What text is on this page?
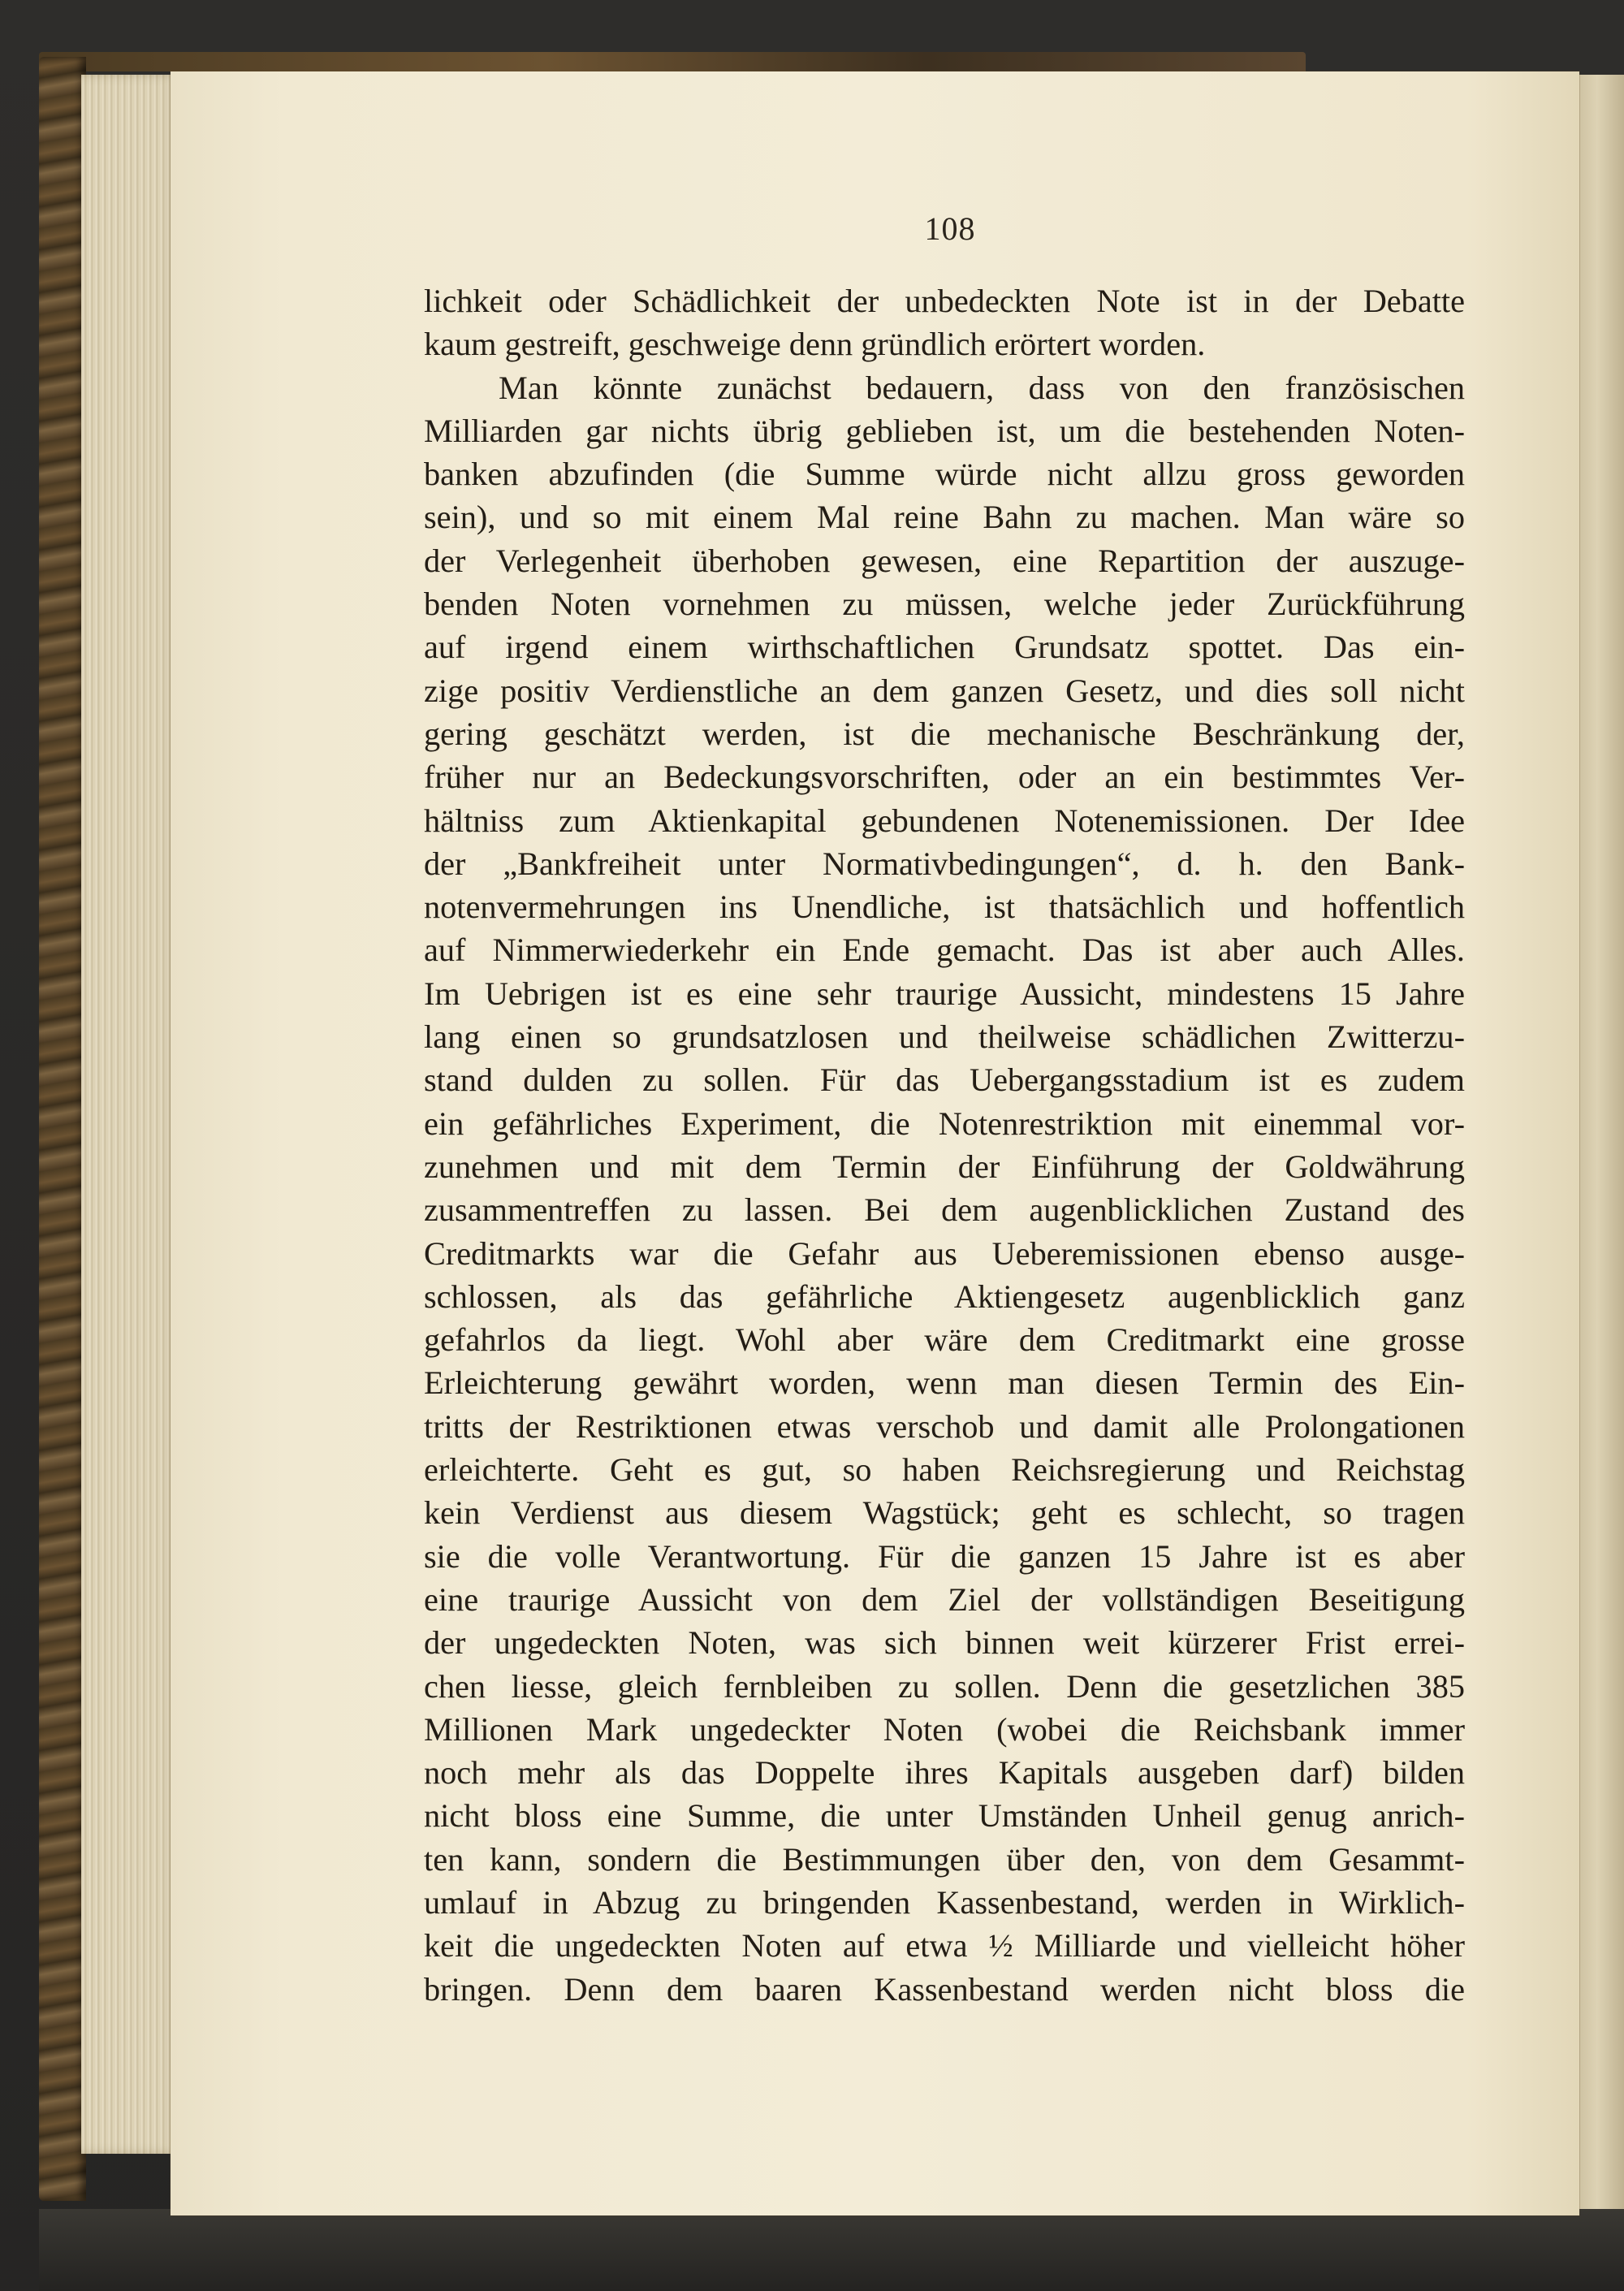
108
lichkeit oder Schädlichkeit der unbedeckten Note ist in der Debatte
kaum gestreift, geschweige denn gründlich erörtert worden.
Man könnte zunächst bedauern, dass von den französischen
Milliarden gar nichts übrig geblieben ist, um die bestehenden Noten-
banken abzufinden (die Summe würde nicht allzu gross geworden
sein), und so mit einem Mal reine Bahn zu machen. Man wäre so
der Verlegenheit überhoben gewesen, eine Repartition der auszuge-
benden Noten vornehmen zu müssen, welche jeder Zurückführung
auf irgend einem wirthschaftlichen Grundsatz spottet. Das ein-
zige positiv Verdienstliche an dem ganzen Gesetz, und dies soll nicht
gering geschätzt werden, ist die mechanische Beschränkung der,
früher nur an Bedeckungsvorschriften, oder an ein bestimmtes Ver-
hältniss zum Aktienkapital gebundenen Notenemissionen. Der Idee
der „Bankfreiheit unter Normativbedingungen“, d. h. den Bank-
notenvermehrungen ins Unendliche, ist thatsächlich und hoffentlich
auf Nimmerwiederkehr ein Ende gemacht. Das ist aber auch Alles.
Im Uebrigen ist es eine sehr traurige Aussicht, mindestens 15 Jahre
lang einen so grundsatzlosen und theilweise schädlichen Zwitterzu-
stand dulden zu sollen. Für das Uebergangsstadium ist es zudem
ein gefährliches Experiment, die Notenrestriktion mit einemmal vor-
zunehmen und mit dem Termin der Einführung der Goldwährung
zusammentreffen zu lassen. Bei dem augenblicklichen Zustand des
Creditmarkts war die Gefahr aus Ueberemissionen ebenso ausge-
schlossen, als das gefährliche Aktiengesetz augenblicklich ganz
gefahrlos da liegt. Wohl aber wäre dem Creditmarkt eine grosse
Erleichterung gewährt worden, wenn man diesen Termin des Ein-
tritts der Restriktionen etwas verschob und damit alle Prolongationen
erleichterte. Geht es gut, so haben Reichsregierung und Reichstag
kein Verdienst aus diesem Wagstück; geht es schlecht, so tragen
sie die volle Verantwortung. Für die ganzen 15 Jahre ist es aber
eine traurige Aussicht von dem Ziel der vollständigen Beseitigung
der ungedeckten Noten, was sich binnen weit kürzerer Frist errei-
chen liesse, gleich fernbleiben zu sollen. Denn die gesetzlichen 385
Millionen Mark ungedeckter Noten (wobei die Reichsbank immer
noch mehr als das Doppelte ihres Kapitals ausgeben darf) bilden
nicht bloss eine Summe, die unter Umständen Unheil genug anrich-
ten kann, sondern die Bestimmungen über den, von dem Gesammt-
umlauf in Abzug zu bringenden Kassenbestand, werden in Wirklich-
keit die ungedeckten Noten auf etwa ½ Milliarde und vielleicht höher
bringen. Denn dem baaren Kassenbestand werden nicht bloss die
